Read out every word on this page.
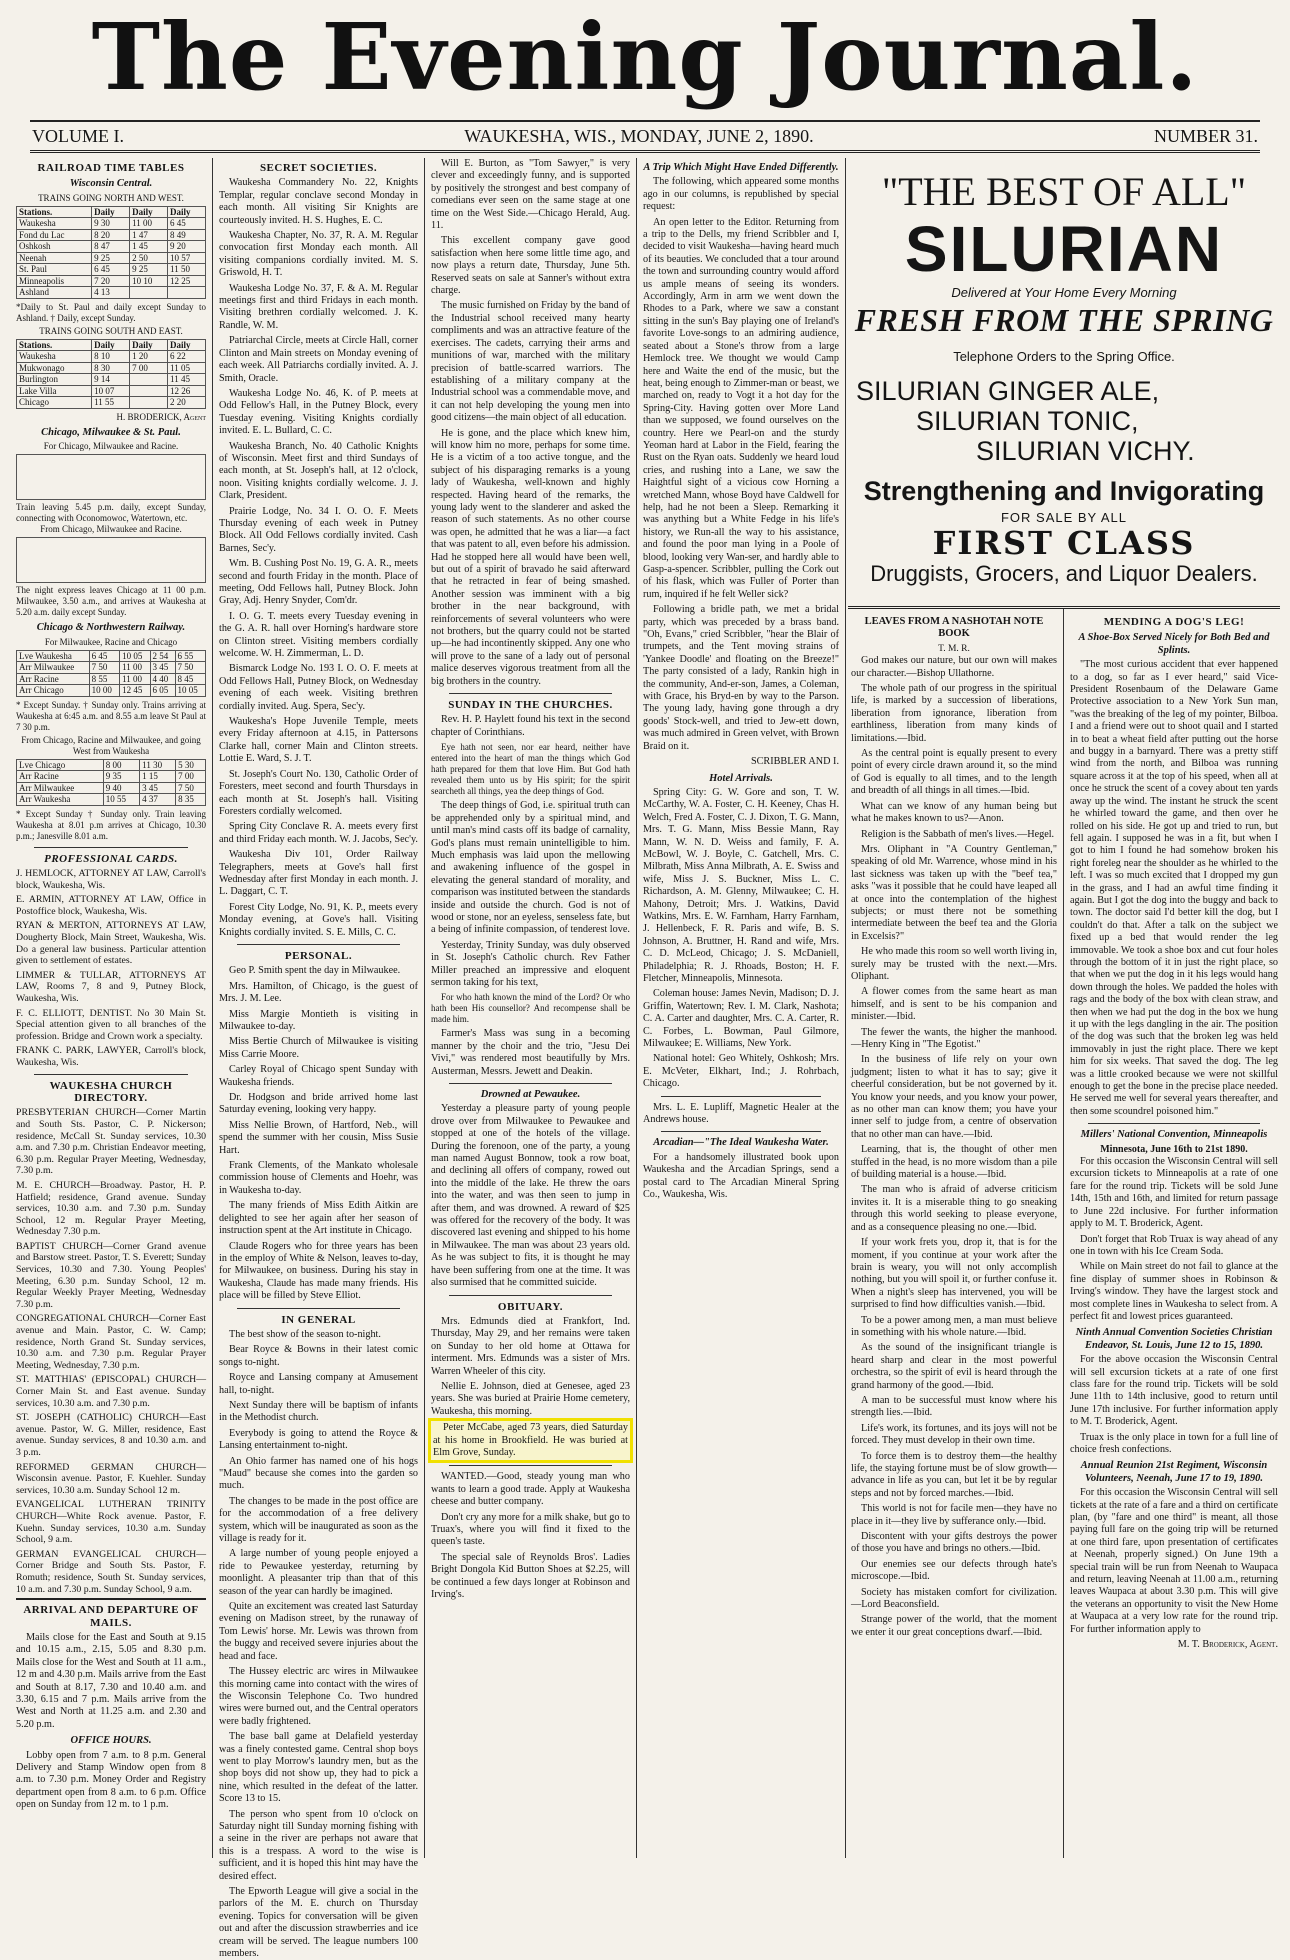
The Evening Journal.
VOLUME I.	WAUKESHA, WIS., MONDAY, JUNE 2, 1890.	NUMBER 31.
RAILROAD TIME TABLES
Wisconsin Central.
TRAINS GOING NORTH AND WEST.
Stations.	Daily	Daily	Daily
Waukesha	9 30	11 00	6 45
Fond du Lac	8 20	1 47	8 49
Oshkosh	8 47	1 45	9 20
Neenah	9 25	2 50	10 57
St. Paul	6 45	9 25	11 50
Minneapolis	7 20	10 10	12 25
Ashland	4 13		
*Daily to St. Paul and daily except Sunday to Ashland. † Daily, except Sunday.
TRAINS GOING SOUTH AND EAST.
Stations.	Daily	Daily	Daily
Waukesha	8 10	1 20	6 22
Mukwonago	8 30	7 00	11 05
Burlington	9 14		11 45
Lake Villa	10 07		12 26
Chicago	11 55		2 20
H. BRODERICK, Agent
Chicago, Milwaukee & St. Paul.
For Chicago, Milwaukee and Racine.
Train leaving 5.45 p.m. daily, except Sunday, connecting with Oconomowoc, Watertown, etc.
From Chicago, Milwaukee and Racine.
The night express leaves Chicago at 11 00 p.m. Milwaukee, 3.50 a.m., and arrives at Waukesha at 5.20 a.m. daily except Sunday.
Chicago & Northwestern Railway.
For Milwaukee, Racine and Chicago
Lve Waukesha	6 45	10 05	2 54	6 55
Arr Milwaukee	7 50	11 00	3 45	7 50
Arr Racine	8 55	11 00	4 40	8 45
Arr Chicago	10 00	12 45	6 05	10 05
* Except Sunday. † Sunday only. Trains arriving at Waukesha at 6:45 a.m. and 8.55 a.m leave St Paul at 7 30 p.m.
From Chicago, Racine and Milwaukee, and going West from Waukesha
Lve Chicago	8 00	11 30	5 30
Arr Racine	9 35	1 15	7 00
Arr Milwaukee	9 40	3 45	7 50
Arr Waukesha	10 55	4 37	8 35
* Except Sunday † Sunday only. Train leaving Waukesha at 8.01 p.m arrives at Chicago, 10.30 p.m.; Janesville 8.01 a.m.
PROFESSIONAL CARDS.
J. HEMLOCK, ATTORNEY AT LAW, Carroll's block, Waukesha, Wis.
E. ARMIN, ATTORNEY AT LAW, Office in Postoffice block, Waukesha, Wis.
RYAN & MERTON, ATTORNEYS AT LAW, Dougherty Block, Main Street, Waukesha, Wis. Do a general law business. Particular attention given to settlement of estates.
LIMMER & TULLAR, ATTORNEYS AT LAW, Rooms 7, 8 and 9, Putney Block, Waukesha, Wis.
F. C. ELLIOTT, DENTIST. No 30 Main St. Special attention given to all branches of the profession. Bridge and Crown work a specialty.
FRANK C. PARK, LAWYER, Carroll's block, Waukesha, Wis.
WAUKESHA CHURCH DIRECTORY.
PRESBYTERIAN CHURCH—Corner Martin and South Sts. Pastor, C. P. Nickerson; residence, McCall St. Sunday services, 10.30 a.m. and 7.30 p.m. Christian Endeavor meeting, 6.30 p.m. Regular Prayer Meeting, Wednesday, 7.30 p.m.
M. E. CHURCH—Broadway. Pastor, H. P. Hatfield; residence, Grand avenue. Sunday services, 10.30 a.m. and 7.30 p.m. Sunday School, 12 m. Regular Prayer Meeting, Wednesday 7.30 p.m.
BAPTIST CHURCH—Corner Grand avenue and Barstow street. Pastor, T. S. Everett; Sunday Services, 10.30 and 7.30. Young Peoples' Meeting, 6.30 p.m. Sunday School, 12 m. Regular Weekly Prayer Meeting, Wednesday 7.30 p.m.
CONGREGATIONAL CHURCH—Corner East avenue and Main. Pastor, C. W. Camp; residence, North Grand St. Sunday services, 10.30 a.m. and 7.30 p.m. Regular Prayer Meeting, Wednesday, 7.30 p.m.
ST. MATTHIAS' (EPISCOPAL) CHURCH—Corner Main St. and East avenue. Sunday services, 10.30 a.m. and 7.30 p.m.
ST. JOSEPH (CATHOLIC) CHURCH—East avenue. Pastor, W. G. Miller, residence, East avenue. Sunday services, 8 and 10.30 a.m. and 3 p.m.
REFORMED GERMAN CHURCH—Wisconsin avenue. Pastor, F. Kuehler. Sunday services, 10.30 a.m. Sunday School 12 m.
EVANGELICAL LUTHERAN TRINITY CHURCH—White Rock avenue. Pastor, F. Kuehn. Sunday services, 10.30 a.m. Sunday School, 9 a.m.
GERMAN EVANGELICAL CHURCH—Corner Bridge and South Sts. Pastor, F. Romuth; residence, South St. Sunday services, 10 a.m. and 7.30 p.m. Sunday School, 9 a.m.
ARRIVAL AND DEPARTURE OF MAILS.

Mails close for the East and South at 9.15 and 10.15 a.m., 2.15, 5.05 and 8.30 p.m. Mails close for the West and South at 11 a.m., 12 m and 4.30 p.m. Mails arrive from the East and South at 8.17, 7.30 and 10.40 a.m. and 3.30, 6.15 and 7 p.m. Mails arrive from the West and North at 11.25 a.m. and 2.30 and 5.20 p.m.

OFFICE HOURS.

Lobby open from 7 a.m. to 8 p.m. General Delivery and Stamp Window open from 8 a.m. to 7.30 p.m. Money Order and Registry department open from 8 a.m. to 6 p.m. Office open on Sunday from 12 m. to 1 p.m.

SECRET SOCIETIES.

Waukesha Commandery No. 22, Knights Templar, regular conclave second Monday in each month. All visiting Sir Knights are courteously invited. H. S. Hughes, E. C.

Waukesha Chapter, No. 37, R. A. M. Regular convocation first Monday each month. All visiting companions cordially invited. M. S. Griswold, H. T.

Waukesha Lodge No. 37, F. & A. M. Regular meetings first and third Fridays in each month. Visiting brethren cordially welcomed. J. K. Randle, W. M.

Patriarchal Circle, meets at Circle Hall, corner Clinton and Main streets on Monday evening of each week. All Patriarchs cordially invited. A. J. Smith, Oracle.

Waukesha Lodge No. 46, K. of P. meets at Odd Fellow's Hall, in the Putney Block, every Tuesday evening. Visiting Knights cordially invited. E. L. Bullard, C. C.

Waukesha Branch, No. 40 Catholic Knights of Wisconsin. Meet first and third Sundays of each month, at St. Joseph's hall, at 12 o'clock, noon. Visiting knights cordially welcome. J. J. Clark, President.

Prairie Lodge, No. 34 I. O. O. F. Meets Thursday evening of each week in Putney Block. All Odd Fellows cordially invited. Cash Barnes, Sec'y.

Wm. B. Cushing Post No. 19, G. A. R., meets second and fourth Friday in the month. Place of meeting, Odd Fellows hall, Putney Block. John Gray, Adj. Henry Snyder, Com'dr.

I. O. G. T. meets every Tuesday evening in the G. A. R. hall over Horning's hardware store on Clinton street. Visiting members cordially welcome. W. H. Zimmerman, L. D.

Bismarck Lodge No. 193 I. O. O. F. meets at Odd Fellows Hall, Putney Block, on Wednesday evening of each week. Visiting brethren cordially invited. Aug. Spera, Sec'y.

Waukesha's Hope Juvenile Temple, meets every Friday afternoon at 4.15, in Pattersons Clarke hall, corner Main and Clinton streets. Lottie E. Ward, S. J. T.

St. Joseph's Court No. 130, Catholic Order of Foresters, meet second and fourth Thursdays in each month at St. Joseph's hall. Visiting Foresters cordially welcomed.

Spring City Conclave R. A. meets every first and third Friday each month. W. J. Jacobs, Sec'y.

Waukesha Div 101, Order Railway Telegraphers, meets at Gove's hall first Wednesday after first Monday in each month. J. L. Daggart, C. T.

Forest City Lodge, No. 91, K. P., meets every Monday evening, at Gove's hall. Visiting Knights cordially invited. S. E. Mills, C. C.

PERSONAL.

Geo P. Smith spent the day in Milwaukee.

Mrs. Hamilton, of Chicago, is the guest of Mrs. J. M. Lee.

Miss Margie Montieth is visiting in Milwaukee to-day.

Miss Bertie Church of Milwaukee is visiting Miss Carrie Moore.

Carley Royal of Chicago spent Sunday with Waukesha friends.

Dr. Hodgson and bride arrived home last Saturday evening, looking very happy.

Miss Nellie Brown, of Hartford, Neb., will spend the summer with her cousin, Miss Susie Hart.

Frank Clements, of the Mankato wholesale commission house of Clements and Hoehr, was in Waukesha to-day.

The many friends of Miss Edith Aitkin are delighted to see her again after her season of instruction spent at the Art institute in Chicago.

Claude Rogers who for three years has been in the employ of White & Nelson, leaves to-day, for Milwaukee, on business. During his stay in Waukesha, Claude has made many friends. His place will be filled by Steve Elliot.

IN GENERAL

The best show of the season to-night.

Bear Royce & Bowns in their latest comic songs to-night.

Royce and Lansing company at Amusement hall, to-night.

Next Sunday there will be baptism of infants in the Methodist church.

Everybody is going to attend the Royce & Lansing entertainment to-night.

An Ohio farmer has named one of his hogs "Maud" because she comes into the garden so much.

The changes to be made in the post office are for the accommodation of a free delivery system, which will be inaugurated as soon as the village is ready for it.

A large number of young people enjoyed a ride to Pewaukee yesterday, returning by moonlight. A pleasanter trip than that of this season of the year can hardly be imagined.

Quite an excitement was created last Saturday evening on Madison street, by the runaway of Tom Lewis' horse. Mr. Lewis was thrown from the buggy and received severe injuries about the head and face.

The Hussey electric arc wires in Milwaukee this morning came into contact with the wires of the Wisconsin Telephone Co. Two hundred wires were burned out, and the Central operators were badly frightened.

The base ball game at Delafield yesterday was a finely contested game. Central shop boys went to play Morrow's laundry men, but as the shop boys did not show up, they had to pick a nine, which resulted in the defeat of the latter. Score 13 to 15.

The person who spent from 10 o'clock on Saturday night till Sunday morning fishing with a seine in the river are perhaps not aware that this is a trespass. A word to the wise is sufficient, and it is hoped this hint may have the desired effect.

The Epworth League will give a social in the parlors of the M. E. church on Thursday evening. Topics for conversation will be given out and after the discussion strawberries and ice cream will be served. The league numbers 100 members.

Will E. Burton, as "Tom Sawyer," is very clever and exceedingly funny, and is supported by positively the strongest and best company of comedians ever seen on the same stage at one time on the West Side.—Chicago Herald, Aug. 11.

This excellent company gave good satisfaction when here some little time ago, and now plays a return date, Thursday, June 5th. Reserved seats on sale at Sanner's without extra charge.

The music furnished on Friday by the band of the Industrial school received many hearty compliments and was an attractive feature of the exercises. The cadets, carrying their arms and munitions of war, marched with the military precision of battle-scarred warriors. The establishing of a military company at the Industrial school was a commendable move, and it can not help developing the young men into good citizens—the main object of all education.

He is gone, and the place which knew him, will know him no more, perhaps for some time. He is a victim of a too active tongue, and the subject of his disparaging remarks is a young lady of Waukesha, well-known and highly respected. Having heard of the remarks, the young lady went to the slanderer and asked the reason of such statements. As no other course was open, he admitted that he was a liar—a fact that was patent to all, even before his admission. Had he stopped here all would have been well, but out of a spirit of bravado he said afterward that he retracted in fear of being smashed. Another session was imminent with a big brother in the near background, with reinforcements of several volunteers who were not brothers, but the quarry could not be started up—he had incontinently skipped. Any one who will prove to the sane of a lady out of personal malice deserves vigorous treatment from all the big brothers in the country.

SUNDAY IN THE CHURCHES.

Rev. H. P. Haylett found his text in the second chapter of Corinthians.

Eye hath not seen, nor ear heard, neither have entered into the heart of man the things which God hath prepared for them that love Him. But God hath revealed them unto us by His spirit; for the spirit searcheth all things, yea the deep things of God.

The deep things of God, i.e. spiritual truth can be apprehended only by a spiritual mind, and until man's mind casts off its badge of carnality, God's plans must remain unintelligible to him. Much emphasis was laid upon the mellowing and awakening influence of the gospel in elevating the general standard of morality, and comparison was instituted between the standards inside and outside the church. God is not of wood or stone, nor an eyeless, senseless fate, but a being of infinite compassion, of tenderest love.

Yesterday, Trinity Sunday, was duly observed in St. Joseph's Catholic church. Rev Father Miller preached an impressive and eloquent sermon taking for his text,

For who hath known the mind of the Lord? Or who hath been His counsellor? And recompense shall be made him.

Farmer's Mass was sung in a becoming manner by the choir and the trio, "Jesu Dei Vivi," was rendered most beautifully by Mrs. Austerman, Messrs. Jewett and Deakin.

Drowned at Pewaukee.

Yesterday a pleasure party of young people drove over from Milwaukee to Pewaukee and stopped at one of the hotels of the village. During the forenoon, one of the party, a young man named August Bonnow, took a row boat, and declining all offers of company, rowed out into the middle of the lake. He threw the oars into the water, and was then seen to jump in after them, and was drowned. A reward of $25 was offered for the recovery of the body. It was discovered last evening and shipped to his home in Milwaukee. The man was about 23 years old. As he was subject to fits, it is thought he may have been suffering from one at the time. It was also surmised that he committed suicide.

OBITUARY.

Mrs. Edmunds died at Frankfort, Ind. Thursday, May 29, and her remains were taken on Sunday to her old home at Ottawa for interment. Mrs. Edmunds was a sister of Mrs. Warren Wheeler of this city.

Nellie E. Johnson, died at Genesee, aged 23 years. She was buried at Prairie Home cemetery, Waukesha, this morning.

Peter McCabe, aged 73 years, died Saturday at his home in Brookfield. He was buried at Elm Grove, Sunday.

WANTED.—Good, steady young man who wants to learn a good trade. Apply at Waukesha cheese and butter company.

Don't cry any more for a milk shake, but go to Truax's, where you will find it fixed to the queen's taste.

The special sale of Reynolds Bros'. Ladies Bright Dongola Kid Button Shoes at $2.25, will be continued a few days longer at Robinson and Irving's.

A Trip Which Might Have Ended Differently.

The following, which appeared some months ago in our columns, is republished by special request:

An open letter to the Editor. Returning from a trip to the Dells, my friend Scribbler and I, decided to visit Waukesha—having heard much of its beauties. We concluded that a tour around the town and surrounding country would afford us ample means of seeing its wonders. Accordingly, Arm in arm we went down the Rhodes to a Park, where we saw a constant sitting in the sun's Bay playing one of Ireland's favorite Love-songs to an admiring audience, seated about a Stone's throw from a large Hemlock tree. We thought we would Camp here and Waite the end of the music, but the heat, being enough to Zimmer-man or beast, we marched on, ready to Vogt it a hot day for the Spring-City. Having gotten over More Land than we supposed, we found ourselves on the country. Here we Pearl-on and the sturdy Yeoman hard at Labor in the Field, fearing the Rust on the Ryan oats. Suddenly we heard loud cries, and rushing into a Lane, we saw the Haightful sight of a vicious cow Horning a wretched Mann, whose Boyd have Caldwell for help, had he not been a Sleep. Remarking it was anything but a White Fedge in his life's history, we Run-all the way to his assistance, and found the poor man lying in a Poole of blood, looking very Wan-ser, and hardly able to Gasp-a-spencer. Scribbler, pulling the Cork out of his flask, which was Fuller of Porter than rum, inquired if he felt Weller sick?

Following a bridle path, we met a bridal party, which was preceded by a brass band. "Oh, Evans," cried Scribbler, "hear the Blair of trumpets, and the Tent moving strains of 'Yankee Doodle' and floating on the Breeze!" The party consisted of a lady, Rankin high in the community, And-er-son, James, a Coleman, with Grace, his Bryd-en by way to the Parson. The young lady, having gone through a dry goods' Stock-well, and tried to Jew-ett down, was much admired in Green velvet, with Brown Braid on it.

SCRIBBLER AND I.
Hotel Arrivals.

Spring City: G. W. Gore and son, T. W. McCarthy, W. A. Foster, C. H. Keeney, Chas H. Welch, Fred A. Foster, C. J. Dixon, T. G. Mann, Mrs. T. G. Mann, Miss Bessie Mann, Ray Mann, W. N. D. Weiss and family, F. A. McBowl, W. J. Boyle, C. Gatchell, Mrs. C. Milbrath, Miss Anna Milbrath, A. E. Swiss and wife, Miss J. S. Buckner, Miss L. C. Richardson, A. M. Glenny, Milwaukee; C. H. Mahony, Detroit; Mrs. J. Watkins, David Watkins, Mrs. E. W. Farnham, Harry Farnham, J. Hellenbeck, F. R. Paris and wife, B. S. Johnson, A. Bruttner, H. Rand and wife, Mrs. C. D. McLeod, Chicago; J. S. McDaniell, Philadelphia; R. J. Rhoads, Boston; H. F. Fletcher, Minneapolis, Minnesota.

Coleman house: James Nevin, Madison; D. J. Griffin, Watertown; Rev. I. M. Clark, Nashota; C. A. Carter and daughter, Mrs. C. A. Carter, R. C. Forbes, L. Bowman, Paul Gilmore, Milwaukee; E. Williams, New York.

National hotel: Geo Whitely, Oshkosh; Mrs. E. McVeter, Elkhart, Ind.; J. Rohrbach, Chicago.

Mrs. L. E. Lupliff, Magnetic Healer at the Andrews house.

Arcadian—"The Ideal Waukesha Water.

For a handsomely illustrated book upon Waukesha and the Arcadian Springs, send a postal card to The Arcadian Mineral Spring Co., Waukesha, Wis.

"THE BEST OF ALL"
SILURIAN
Delivered at Your Home Every Morning
FRESH FROM THE SPRING
Telephone Orders to the Spring Office.
SILURIAN GINGER ALE,
SILURIAN TONIC,
SILURIAN VICHY.
Strengthening and Invigorating
FOR SALE BY ALL
FIRST CLASS
Druggists, Grocers, and Liquor Dealers.
LEAVES FROM A NASHOTAH NOTE BOOK
T. M. R.

God makes our nature, but our own will makes our character.—Bishop Ullathorne.

The whole path of our progress in the spiritual life, is marked by a succession of liberations, liberation from ignorance, liberation from earthliness, liberation from many kinds of limitations.—Ibid.

As the central point is equally present to every point of every circle drawn around it, so the mind of God is equally to all times, and to the length and breadth of all things in all times.—Ibid.

What can we know of any human being but what he makes known to us?—Anon.

Religion is the Sabbath of men's lives.—Hegel.

Mrs. Oliphant in "A Country Gentleman," speaking of old Mr. Warrence, whose mind in his last sickness was taken up with the "beef tea," asks "was it possible that he could have leaped all at once into the contemplation of the highest subjects; or must there not be something intermediate between the beef tea and the Gloria in Excelsis?"

He who made this room so well worth living in, surely may be trusted with the next.—Mrs. Oliphant.

A flower comes from the same heart as man himself, and is sent to be his companion and minister.—Ibid.

The fewer the wants, the higher the manhood.—Henry King in "The Egotist."

In the business of life rely on your own judgment; listen to what it has to say; give it cheerful consideration, but be not governed by it. You know your needs, and you know your power, as no other man can know them; you have your inner self to judge from, a centre of observation that no other man can have.—Ibid.

Learning, that is, the thought of other men stuffed in the head, is no more wisdom than a pile of building material is a house.—Ibid.

The man who is afraid of adverse criticism invites it. It is a miserable thing to go sneaking through this world seeking to please everyone, and as a consequence pleasing no one.—Ibid.

If your work frets you, drop it, that is for the moment, if you continue at your work after the brain is weary, you will not only accomplish nothing, but you will spoil it, or further confuse it. When a night's sleep has intervened, you will be surprised to find how difficulties vanish.—Ibid.

To be a power among men, a man must believe in something with his whole nature.—Ibid.

As the sound of the insignificant triangle is heard sharp and clear in the most powerful orchestra, so the spirit of evil is heard through the grand harmony of the good.—Ibid.

A man to be successful must know where his strength lies.—Ibid.

Life's work, its fortunes, and its joys will not be forced. They must develop in their own time.

To force them is to destroy them—the healthy life, the staying fortune must be of slow growth—advance in life as you can, but let it be by regular steps and not by forced marches.—Ibid.

This world is not for facile men—they have no place in it—they live by sufferance only.—Ibid.

Discontent with your gifts destroys the power of those you have and brings no others.—Ibid.

Our enemies see our defects through hate's microscope.—Ibid.

Society has mistaken comfort for civilization.—Lord Beaconsfield.

Strange power of the world, that the moment we enter it our great conceptions dwarf.—Ibid.

MENDING A DOG'S LEG!
A Shoe-Box Served Nicely for Both Bed and Splints.

"The most curious accident that ever happened to a dog, so far as I ever heard," said Vice-President Rosenbaum of the Delaware Game Protective association to a New York Sun man, "was the breaking of the leg of my pointer, Bilboa. I and a friend were out to shoot quail and I started in to beat a wheat field after putting out the horse and buggy in a barnyard. There was a pretty stiff wind from the north, and Bilboa was running square across it at the top of his speed, when all at once he struck the scent of a covey about ten yards away up the wind. The instant he struck the scent he whirled toward the game, and then over he rolled on his side. He got up and tried to run, but fell again. I supposed he was in a fit, but when I got to him I found he had somehow broken his right foreleg near the shoulder as he whirled to the left. I was so much excited that I dropped my gun in the grass, and I had an awful time finding it again. But I got the dog into the buggy and back to town. The doctor said I'd better kill the dog, but I couldn't do that. After a talk on the subject we fixed up a bed that would render the leg immovable. We took a shoe box and cut four holes through the bottom of it in just the right place, so that when we put the dog in it his legs would hang down through the holes. We padded the holes with rags and the body of the box with clean straw, and then when we had put the dog in the box we hung it up with the legs dangling in the air. The position of the dog was such that the broken leg was held immovably in just the right place. There we kept him for six weeks. That saved the dog. The leg was a little crooked because we were not skillful enough to get the bone in the precise place needed. He served me well for several years thereafter, and then some scoundrel poisoned him."

Millers' National Convention, Minneapolis
Minnesota, June 16th to 21st 1890.

For this occasion the Wisconsin Central will sell excursion tickets to Minneapolis at a rate of one fare for the round trip. Tickets will be sold June 14th, 15th and 16th, and limited for return passage to June 22d inclusive. For further information apply to M. T. Broderick, Agent.

Don't forget that Rob Truax is way ahead of any one in town with his Ice Cream Soda.

While on Main street do not fail to glance at the fine display of summer shoes in Robinson & Irving's window. They have the largest stock and most complete lines in Waukesha to select from. A perfect fit and lowest prices guaranteed.

Ninth Annual Convention Societies Christian Endeavor, St. Louis, June 12 to 15, 1890.

For the above occasion the Wisconsin Central will sell excursion tickets at a rate of one first class fare for the round trip. Tickets will be sold June 11th to 14th inclusive, good to return until June 17th inclusive. For further information apply to M. T. Broderick, Agent.

Truax is the only place in town for a full line of choice fresh confections.

Annual Reunion 21st Regiment, Wisconsin Volunteers, Neenah, June 17 to 19, 1890.

For this occasion the Wisconsin Central will sell tickets at the rate of a fare and a third on certificate plan, (by "fare and one third" is meant, all those paying full fare on the going trip will be returned at one third fare, upon presentation of certificates at Neenah, properly signed.) On June 19th a special train will be run from Neenah to Waupaca and return, leaving Neenah at 11.00 a.m., returning leaves Waupaca at about 3.30 p.m. This will give the veterans an opportunity to visit the New Home at Waupaca at a very low rate for the round trip. For further information apply to

M. T. Broderick, Agent.
